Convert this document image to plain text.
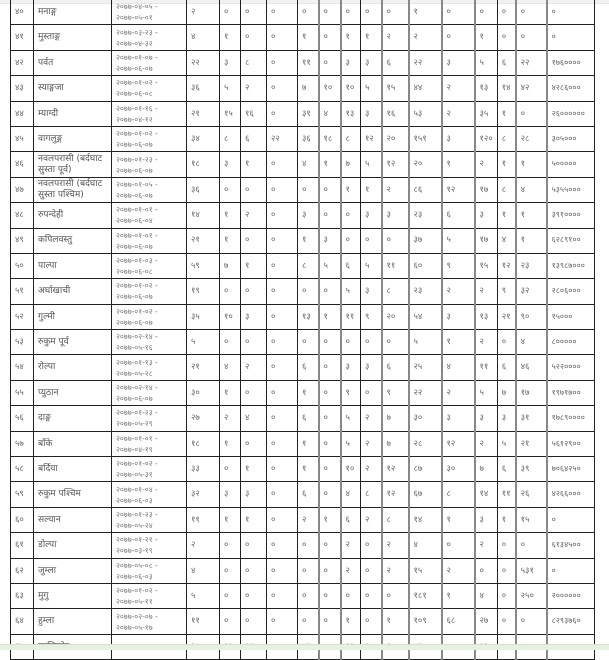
४०	मनाङ्ग	२०७७-०४-०५ -
२०७७-०५-०१	२	०	०	०	०	०	०	०	०	१	०	०	०	०	०
४१	मुस्ताङ्ग	२०७७-०३-२३ -
२०७७-०४-३२	४	१	०	०	१	०	१	१	२	२	०	१	०	०	०
४२	पर्वत	२०७७-०१-०७ -
२०७७-०६-०७	२२	३	८	०	११	०	३	३	६	२२	३	५	६	२२	१७६००००
४३	स्याङ्गजा	२०७७-०१-०२ -
२०७७-०६-०८	३६	५	२	०	७	१०	१०	५	१५	४४	२	१३	१४	४२	४२८६०००
४४	म्याग्दी	२०७७-०१-१६ -
२०७७-०४-१२	२१	१५	१६	०	३१	४	१३	३	१६	५३	२	३५	१	०	२६००००००
४५	वागलुङ्ग	२०७७-०१-०२ -
२०७७-०६-०७	३४	८	६	२२	३६	१८	८	१२	२०	१५१	३	१२०	८	२८	३०५०००
४६	नवलपरासी (बर्दघाट सुस्ता पूर्व)	२०७७-०१-२३ -
२०७७-०६-०७	१८	३	१	०	४	१	७	५	१२	२०	१	२	१	१	५०००००
४७	नवलपरासी (बर्दघाट सुस्ता पश्चिम)	२०७७-०१-०५ -
२०७७-०६-०७	३६	०	०	०	०	०	१	१	२	८६	१२	१७	८	४	५३५५०००
४८	रुपन्देही	२०७७-०१-०१ -
२०७७-०६-०४	१४	१	२	०	३	०	०	३	३	२३	६	३	१	१	३९१००००
४९	कपिलवस्तु	२०७७-०१-०१ -
२०७७-०६-०७	२१	१	०	०	१	३	०	०	०	३७	५	१७	४	१	६२८९१००
५०	पाल्पा	२०७७-०१-०३ -
२०७७-०६-०८	५९	७	१	०	८	५	६	५	११	६०	९	१५	१२	२३	१३९८७०००
५१	अर्घाखाची	२०७७-०१-०२ -
२०७७-०६-०७	१९	०	०	०	०	०	५	३	८	२३	२	२	९	३२	२८०६०००
५२	गुल्मी	२०७७-०१-०२ -
२०७७-०६-०७	३५	१०	३	०	१३	१	११	९	२०	५४	३	१३	२१	९०	१५०००
५३	रुकुम पूर्व	२०७७-०२-१४ -
२०७७-०५-१६	५	०	०	०	०	०	०	०	०	५	१	२	०	४	८०००००
५४	रोल्पा	२०७७-०१-१३ -
२०७७-०५-२८	२१	४	२	०	६	०	३	३	६	२५	४	११	६	४६	५२२००००
५५	प्युठान	२०७७-०२-१४ -
२०७७-०६-०७	३०	१	०	०	१	०	९	०	९	२२	२	५	७	१७	१९७१७००
५६	दाङ्ग	२०७७-०१-२३ -
२०७७-०५-२९	२७	२	४	०	६	०	५	२	७	३०	३	३	३	३१	१७८९००००
५७	बाँके	२०७७-०१-०१ -
२०७७-०४-१९	१८	१	०	०	१	०	५	२	७	२८	१२	२	५	२१	५६१२९००
५८	बर्दिया	२०७७-०१-०२ -
२०७७-०५-३१	३३	०	१	०	१	०	१०	२	१२	८७	३०	७	६	३९	७०६४२५०
५९	रुकुम पश्चिम	२०७७-०१-०४ -
२०७७-०६-०३	३२	३	३	०	६	०	४	८	१२	६७	८	१४	११	२६	४२६६०००
६०	सल्यान	२०७७-०१-२३ -
२०७७-०५-२४	११	१	१	०	२	१	६	२	८	१४	१	३	१	१५	०
६१	डोल्पा	२०७७-०१-२१ -
२०७७-०३-१९	२	०	०	०	०	०	२	०	२	४	०	२	०	०	६१३४५००
६२	जुम्ला	२०७७-०५-०८ -
२०७७-०६-०३	४	०	०	०	०	०	२	०	२	१५	२	०	०	५३१	०
६३	मुगु	२०७७-०१-०२ -
२०७७-०५-११	५	०	०	०	०	०	०	०	०	१८१	१	४	०	२५०	२००००००
६४	हुम्ला	२०७७-०२-०७ -
२०७७-०५-१७	११	०	०	०	०	०	१	०	१	१०९	६८	२७	०	०	८२९३७६०
